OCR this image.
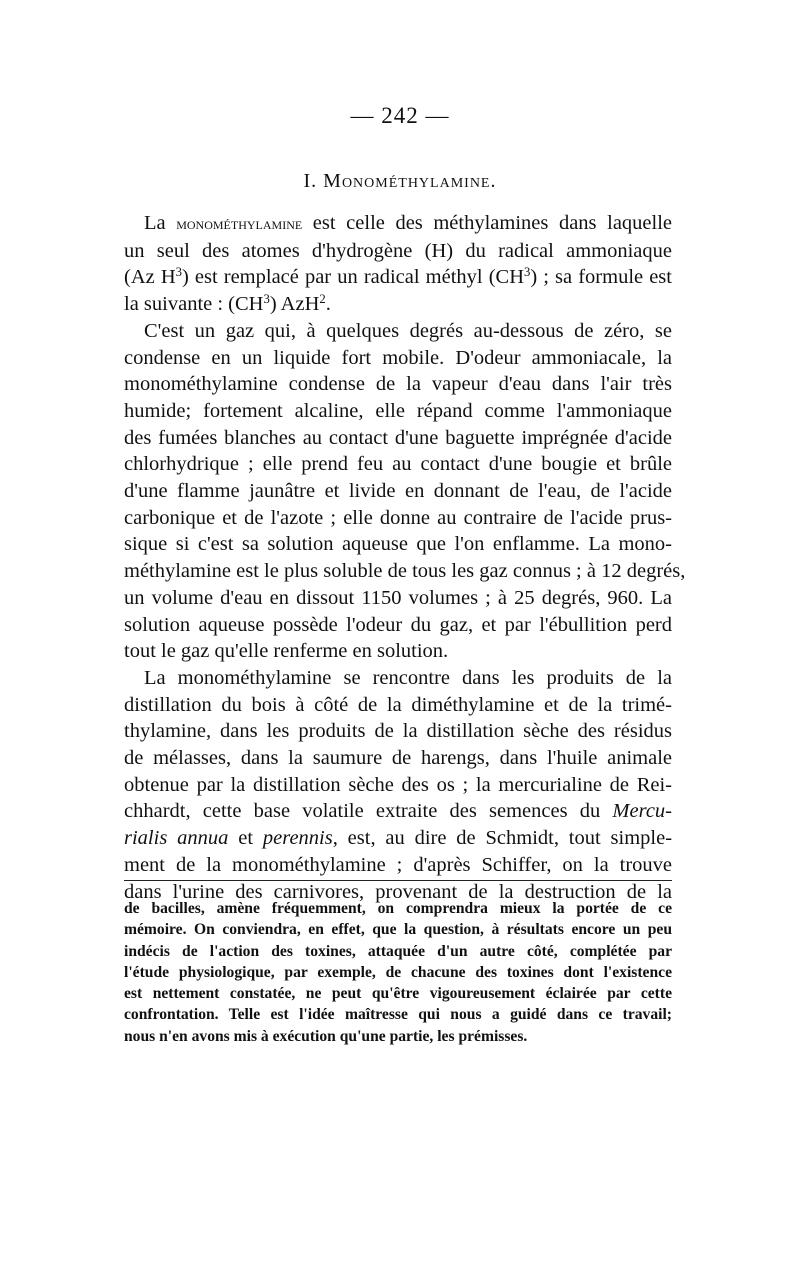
— 242 —
I. Monométhylamine.

La monométhylamine est celle des méthylamines dans laquelle
un seul des atomes d'hydrogène (H) du radical ammoniaque
(Az $H^3$) est remplacé par un radical méthyl $(CH^3)$ ; sa formule est
la suivante : $(CH^3)$ AzH$^2$.

C'est un gaz qui, à quelques degrés au-dessous de zéro, se
condense en un liquide fort mobile. D'odeur ammoniacale, la
monométhylamine condense de la vapeur d'eau dans l'air très
humide; fortement alcaline, elle répand comme l'ammoniaque
des fumées blanches au contact d'une baguette imprégnée d'acide
chlorhydrique ; elle prend feu au contact d'une bougie et brûle
d'une flamme jaunâtre et livide en donnant de l'eau, de l'acide
carbonique et de l'azote ; elle donne au contraire de l'acide prus-
sique si c'est sa solution aqueuse que l'on enflamme. La mono-
méthylamine est le plus soluble de tous les gaz connus ; à 12 degrés,
un volume d'eau en dissout 1150 volumes ; à 25 degrés, 960. La
solution aqueuse possède l'odeur du gaz, et par l'ébullition perd
tout le gaz qu'elle renferme en solution.

La monométhylamine se rencontre dans les produits de la
distillation du bois à côté de la diméthylamine et de la trimé-
thylamine, dans les produits de la distillation sèche des résidus
de mélasses, dans la saumure de harengs, dans l'huile animale
obtenue par la distillation sèche des os ; la mercurialine de Rei-
chhardt, cette base volatile extraite des semences du Mercu-
rialis annua et perennis, est, au dire de Schmidt, tout simple-
ment de la monométhylamine ; d'après Schiffer, on la trouve
dans l'urine des carnivores, provenant de la destruction de la

de bacilles, amène fréquemment, on comprendra mieux la portée de ce
mémoire. On conviendra, en effet, que la question, à résultats encore un peu
indécis de l'action des toxines, attaquée d'un autre côté, complétée par
l'étude physiologique, par exemple, de chacune des toxines dont l'existence
est nettement constatée, ne peut qu'être vigoureusement éclairée par cette
confrontation. Telle est l'idée maîtresse qui nous a guidé dans ce travail;
nous n'en avons mis à exécution qu'une partie, les prémisses.
